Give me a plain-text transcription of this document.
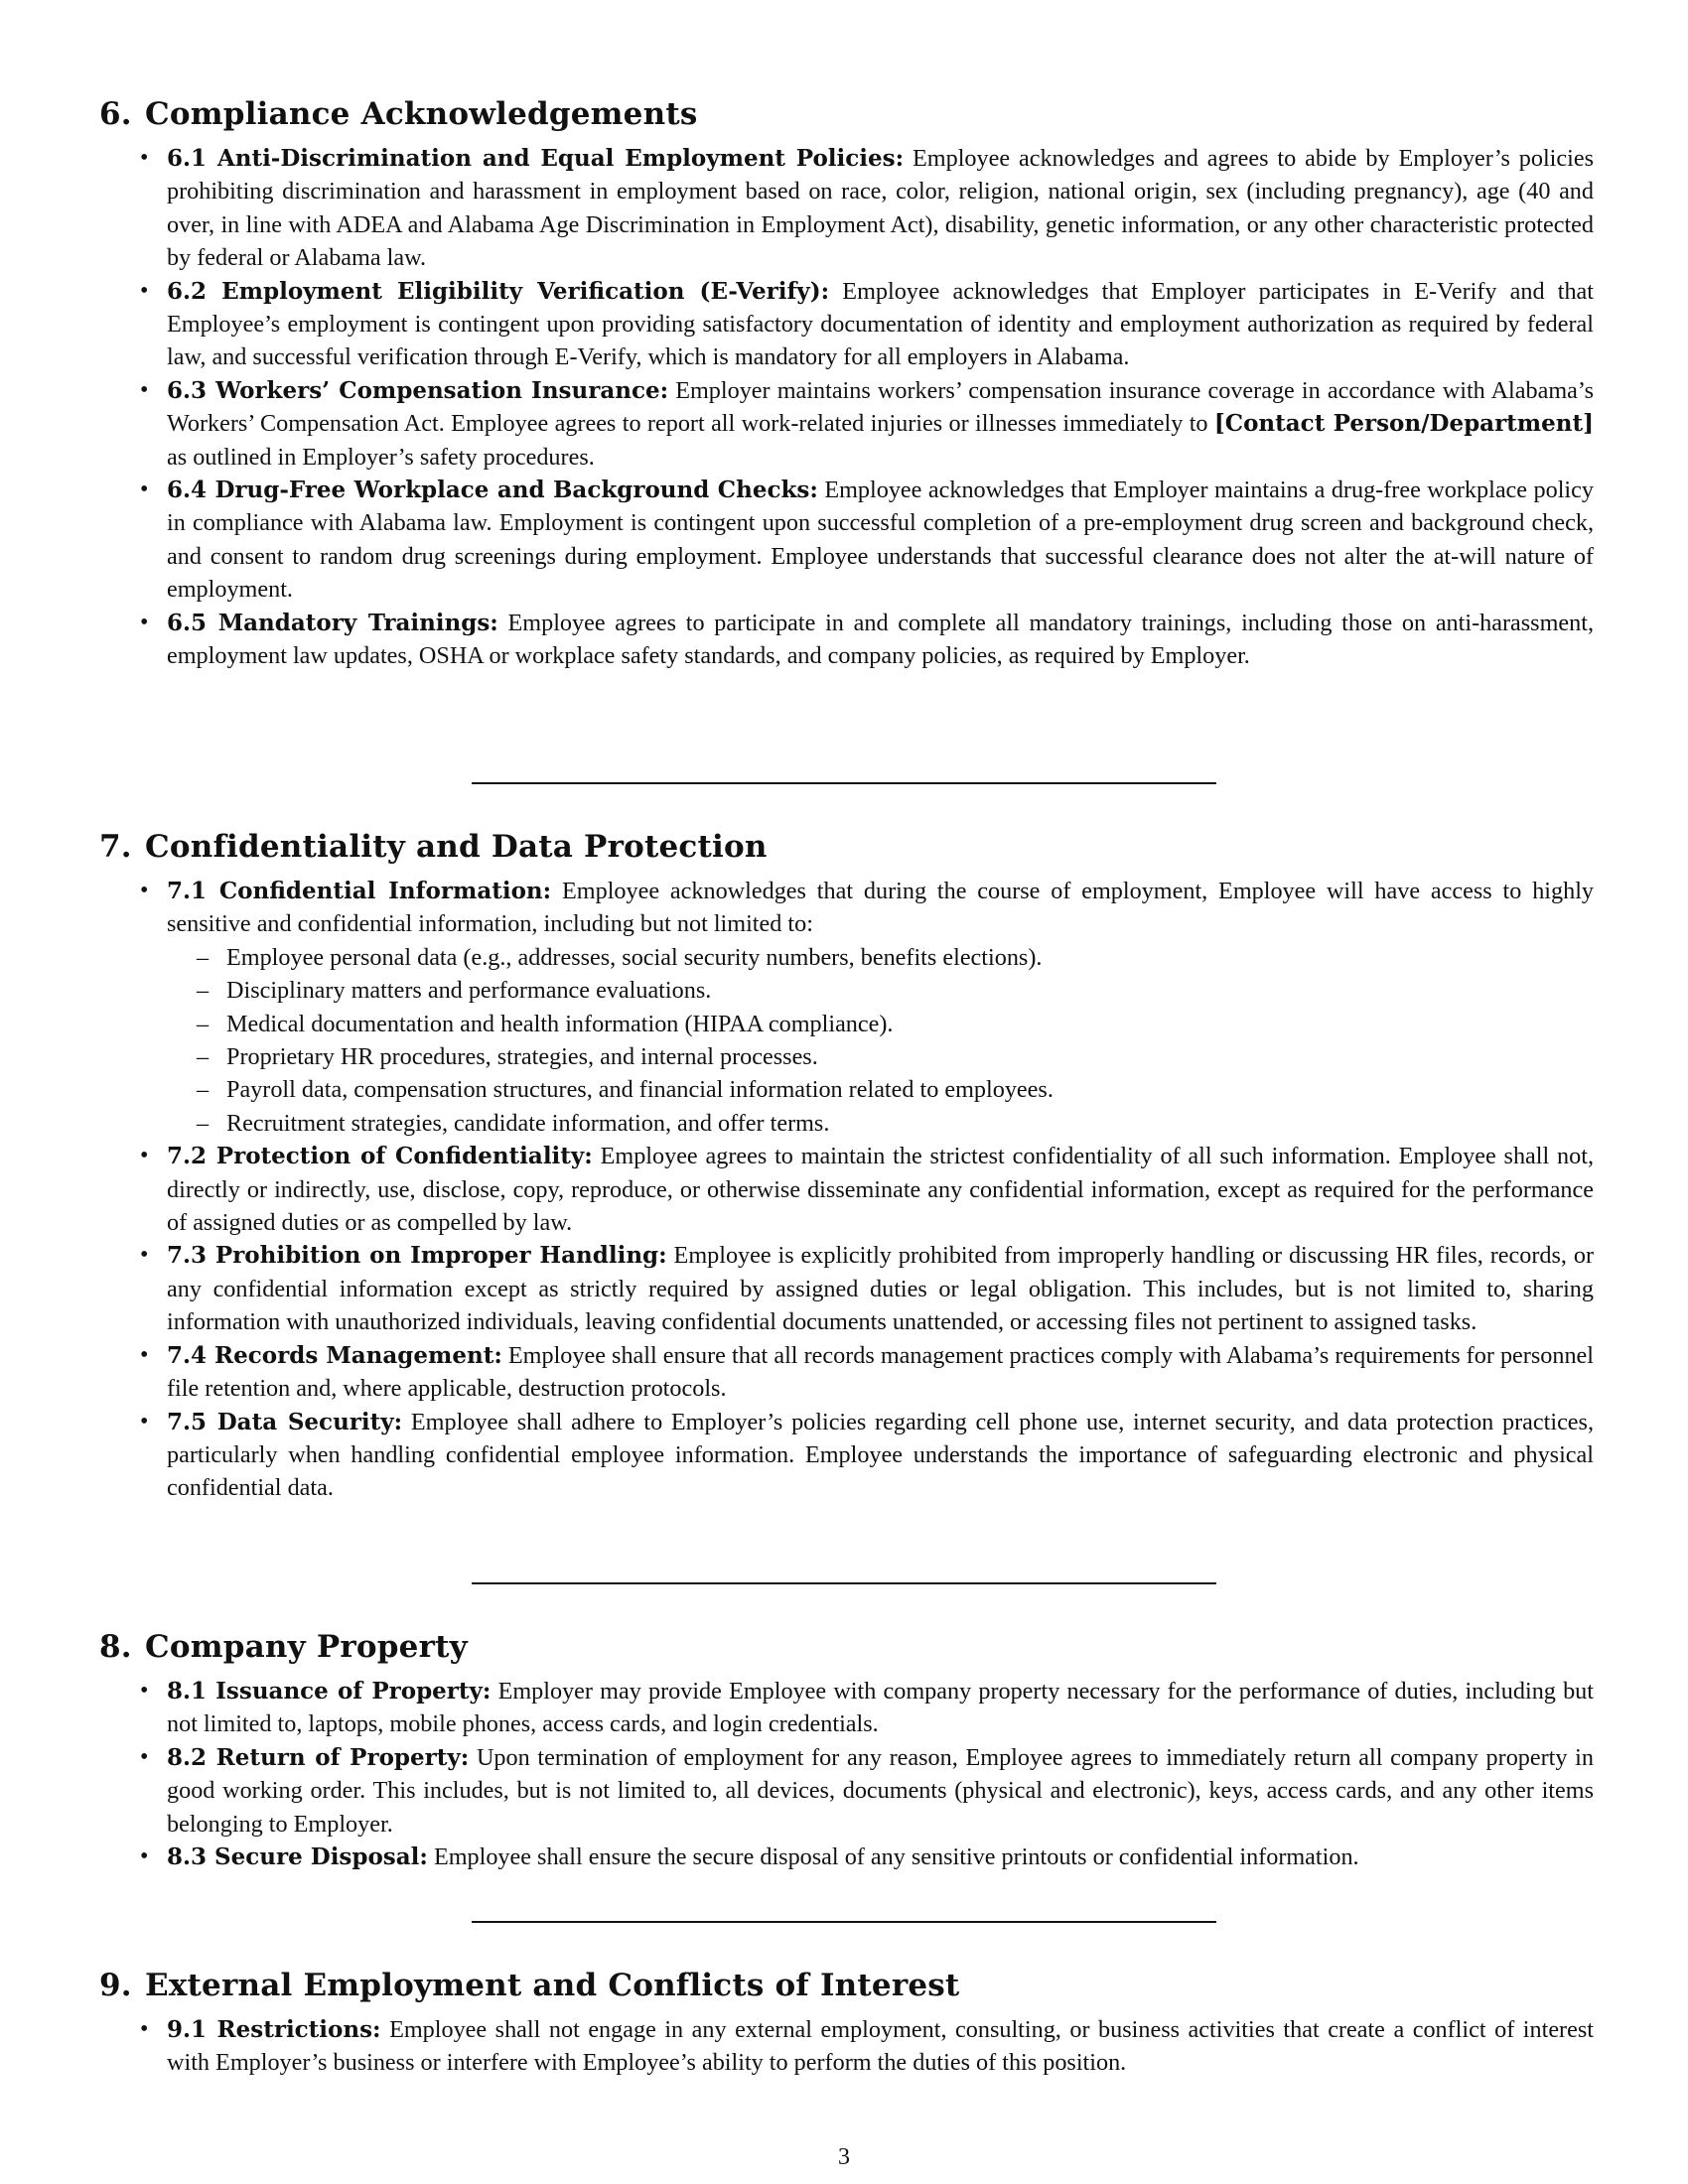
6. Compliance Acknowledgements
• 6.1 Anti-Discrimination and Equal Employment Policies: Employee acknowledges and agrees to abide by Employer’s policies prohibiting discrimination and harassment in employment based on race, color, religion, national origin, sex (including pregnancy), age (40 and over, in line with ADEA and Alabama Age Discrimination in Employment Act), disability, genetic information, or any other characteristic protected by federal or Alabama law.
• 6.2 Employment Eligibility Verification (E-Verify): Employee acknowledges that Employer participates in E-Verify and that Employee’s employment is contingent upon providing satisfactory documentation of identity and employment authorization as required by federal law, and successful verification through E-Verify, which is mandatory for all employers in Alabama.
• 6.3 Workers’ Compensation Insurance: Employer maintains workers’ compensation insurance coverage in accordance with Alabama’s Workers’ Compensation Act. Employee agrees to report all work-related injuries or illnesses immediately to [Contact Person/Department] as outlined in Employer’s safety procedures.
• 6.4 Drug-Free Workplace and Background Checks: Employee acknowledges that Employer maintains a drug-free workplace policy in compliance with Alabama law. Employment is contingent upon successful completion of a pre-employment drug screen and background check, and consent to random drug screenings during employment. Employee understands that successful clearance does not alter the at-will nature of employment.
• 6.5 Mandatory Trainings: Employee agrees to participate in and complete all mandatory trainings, including those on anti-harassment, employment law updates, OSHA or workplace safety standards, and company policies, as required by Employer.
7. Confidentiality and Data Protection
• 7.1 Confidential Information: Employee acknowledges that during the course of employment, Employee will have access to highly sensitive and confidential information, including but not limited to:
– Employee personal data (e.g., addresses, social security numbers, benefits elections).
– Disciplinary matters and performance evaluations.
– Medical documentation and health information (HIPAA compliance).
– Proprietary HR procedures, strategies, and internal processes.
– Payroll data, compensation structures, and financial information related to employees.
– Recruitment strategies, candidate information, and offer terms.
• 7.2 Protection of Confidentiality: Employee agrees to maintain the strictest confidentiality of all such information. Employee shall not, directly or indirectly, use, disclose, copy, reproduce, or otherwise disseminate any confidential information, except as required for the performance of assigned duties or as compelled by law.
• 7.3 Prohibition on Improper Handling: Employee is explicitly prohibited from improperly handling or discussing HR files, records, or any confidential information except as strictly required by assigned duties or legal obligation. This includes, but is not limited to, sharing information with unauthorized individuals, leaving confidential documents unattended, or accessing files not pertinent to assigned tasks.
• 7.4 Records Management: Employee shall ensure that all records management practices comply with Alabama’s requirements for personnel file retention and, where applicable, destruction protocols.
• 7.5 Data Security: Employee shall adhere to Employer’s policies regarding cell phone use, internet security, and data protection practices, particularly when handling confidential employee information. Employee understands the importance of safeguarding electronic and physical confidential data.
8. Company Property
• 8.1 Issuance of Property: Employer may provide Employee with company property necessary for the performance of duties, including but not limited to, laptops, mobile phones, access cards, and login credentials.
• 8.2 Return of Property: Upon termination of employment for any reason, Employee agrees to immediately return all company property in good working order. This includes, but is not limited to, all devices, documents (physical and electronic), keys, access cards, and any other items belonging to Employer.
• 8.3 Secure Disposal: Employee shall ensure the secure disposal of any sensitive printouts or confidential information.
9. External Employment and Conflicts of Interest
• 9.1 Restrictions: Employee shall not engage in any external employment, consulting, or business activities that create a conflict of interest with Employer’s business or interfere with Employee’s ability to perform the duties of this position.
3
